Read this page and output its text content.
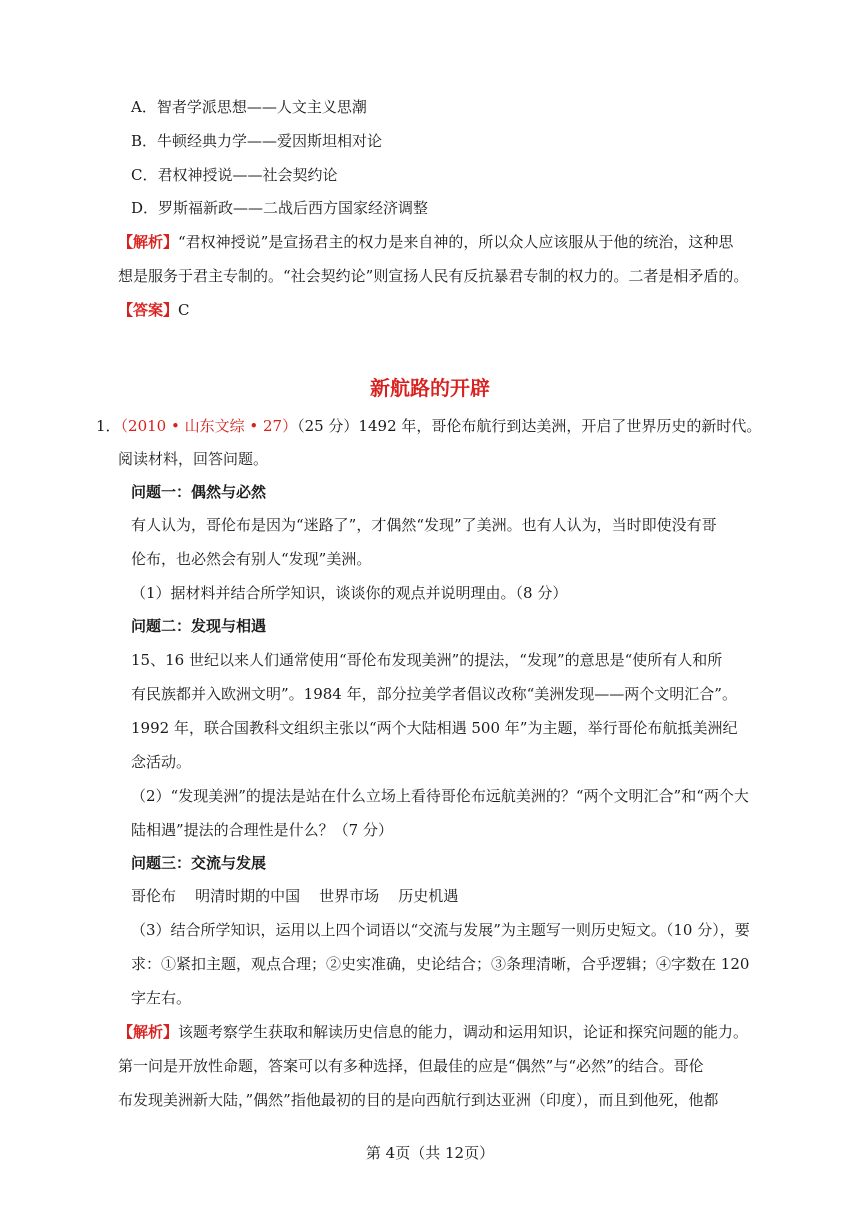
A．智者学派思想——人文主义思潮
B．牛顿经典力学——爱因斯坦相对论
C．君权神授说——社会契约论
D．罗斯福新政——二战后西方国家经济调整
【解析】“君权神授说”是宣扬君主的权力是来自神的，所以众人应该服从于他的统治，这种思
想是服务于君主专制的。“社会契约论”则宣扬人民有反抗暴君专制的权力的。二者是相矛盾的。
【答案】C
新航路的开辟
1．（2010 • 山东文综 • 27）（25 分）1492 年，哥伦布航行到达美洲，开启了世界历史的新时代。
阅读材料，回答问题。
问题一：偶然与必然
有人认为，哥伦布是因为“迷路了”，才偶然“发现”了美洲。也有人认为，当时即使没有哥
伦布，也必然会有别人“发现”美洲。
（1）据材料并结合所学知识，谈谈你的观点并说明理由。（8 分）
问题二：发现与相遇
15、16 世纪以来人们通常使用“哥伦布发现美洲”的提法，“发现”的意思是“使所有人和所
有民族都并入欧洲文明”。1984 年，部分拉美学者倡议改称“美洲发现——两个文明汇合”。
1992 年，联合国教科文组织主张以“两个大陆相遇 500 年”为主题，举行哥伦布航抵美洲纪
念活动。
（2）“发现美洲”的提法是站在什么立场上看待哥伦布远航美洲的？“两个文明汇合”和“两个大
陆相遇”提法的合理性是什么？（7 分）
问题三：交流与发展
哥伦布    明清时期的中国    世界市场    历史机遇
（3）结合所学知识，运用以上四个词语以“交流与发展”为主题写一则历史短文。（10 分），要
求：①紧扣主题，观点合理；②史实准确，史论结合；③条理清晰，合乎逻辑；④字数在 120
字左右。
【解析】该题考察学生获取和解读历史信息的能力，调动和运用知识，论证和探究问题的能力。
第一问是开放性命题，答案可以有多种选择，但最佳的应是“偶然”与“必然”的结合。哥伦
布发现美洲新大陆，”偶然”指他最初的目的是向西航行到达亚洲（印度），而且到他死，他都
第 4页（共 12页）
